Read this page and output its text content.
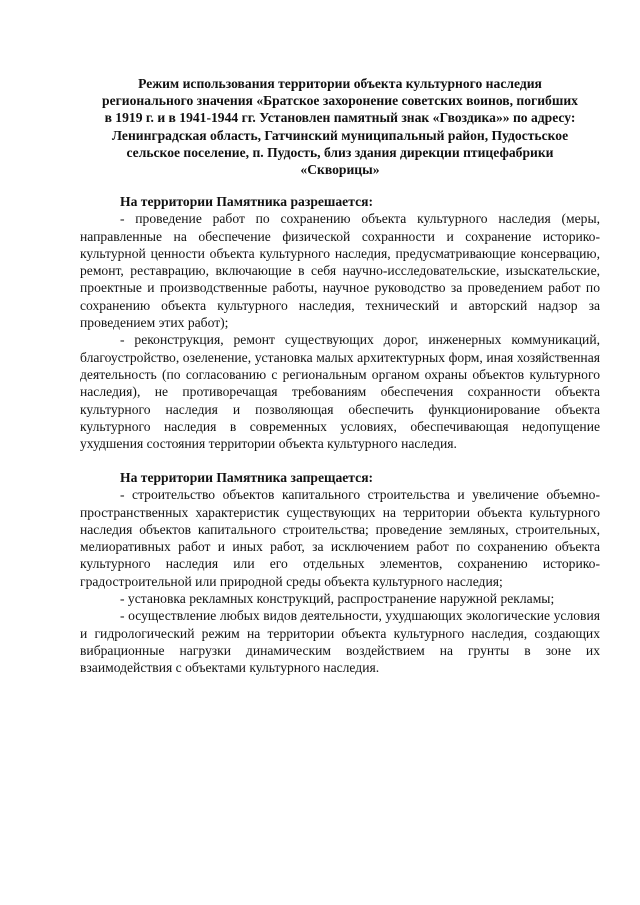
Режим использования территории объекта культурного наследия
регионального значения «Братское захоронение советских воинов, погибших
в 1919 г. и в 1941-1944 гг. Установлен памятный знак «Гвоздика»» по адресу:
Ленинградская область, Гатчинский муниципальный район, Пудостьское
сельское поселение, п. Пудость, близ здания дирекции птицефабрики
«Скворицы»

На территории Памятника разрешается:

- проведение работ по сохранению объекта культурного наследия (меры, направленные на обеспечение физической сохранности и сохранение историко-культурной ценности объекта культурного наследия, предусматривающие консервацию, ремонт, реставрацию, включающие в себя научно-исследовательские, изыскательские, проектные и производственные работы, научное руководство за проведением работ по сохранению объекта культурного наследия, технический и авторский надзор за проведением этих работ);

- реконструкция, ремонт существующих дорог, инженерных коммуникаций, благоустройство, озеленение, установка малых архитектурных форм, иная хозяйственная деятельность (по согласованию с региональным органом охраны объектов культурного наследия), не противоречащая требованиям обеспечения сохранности объекта культурного наследия и позволяющая обеспечить функционирование объекта культурного наследия в современных условиях, обеспечивающая недопущение ухудшения состояния территории объекта культурного наследия.

На территории Памятника запрещается:

- строительство объектов капитального строительства и увеличение объемно-пространственных характеристик существующих на территории объекта культурного наследия объектов капитального строительства; проведение земляных, строительных, мелиоративных работ и иных работ, за исключением работ по сохранению объекта культурного наследия или его отдельных элементов, сохранению историко-градостроительной или природной среды объекта культурного наследия;

- установка рекламных конструкций, распространение наружной рекламы;

- осуществление любых видов деятельности, ухудшающих экологические условия и гидрологический режим на территории объекта культурного наследия, создающих вибрационные нагрузки динамическим воздействием на грунты в зоне их взаимодействия с объектами культурного наследия.
